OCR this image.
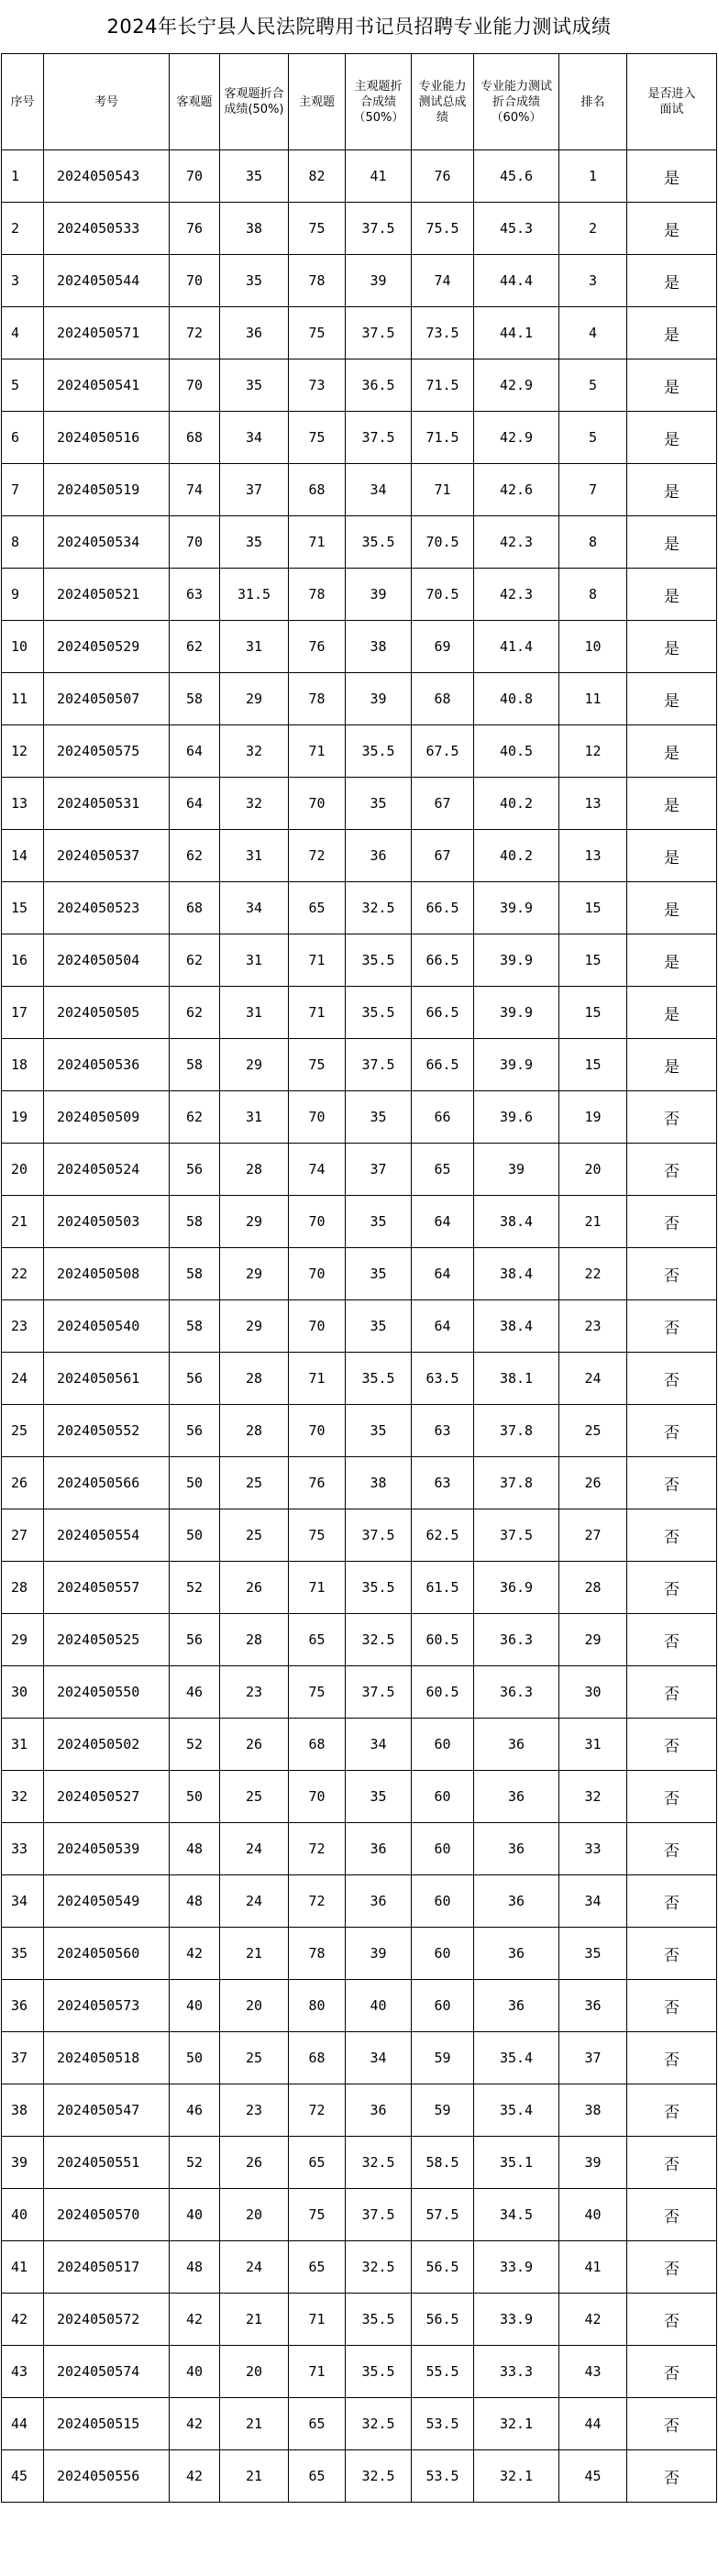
2024年长宁县人民法院聘用书记员招聘专业能力测试成绩
序号	考号	客观题	客观题折合成绩(50%)	主观题	主观题折合成绩（50%）	专业能力测试总成绩	专业能力测试折合成绩（60%）	排名	是否进入面试
1	2024050543	70	35	82	41	76	45.6	1	是
2	2024050533	76	38	75	37.5	75.5	45.3	2	是
3	2024050544	70	35	78	39	74	44.4	3	是
4	2024050571	72	36	75	37.5	73.5	44.1	4	是
5	2024050541	70	35	73	36.5	71.5	42.9	5	是
6	2024050516	68	34	75	37.5	71.5	42.9	5	是
7	2024050519	74	37	68	34	71	42.6	7	是
8	2024050534	70	35	71	35.5	70.5	42.3	8	是
9	2024050521	63	31.5	78	39	70.5	42.3	8	是
10	2024050529	62	31	76	38	69	41.4	10	是
11	2024050507	58	29	78	39	68	40.8	11	是
12	2024050575	64	32	71	35.5	67.5	40.5	12	是
13	2024050531	64	32	70	35	67	40.2	13	是
14	2024050537	62	31	72	36	67	40.2	13	是
15	2024050523	68	34	65	32.5	66.5	39.9	15	是
16	2024050504	62	31	71	35.5	66.5	39.9	15	是
17	2024050505	62	31	71	35.5	66.5	39.9	15	是
18	2024050536	58	29	75	37.5	66.5	39.9	15	是
19	2024050509	62	31	70	35	66	39.6	19	否
20	2024050524	56	28	74	37	65	39	20	否
21	2024050503	58	29	70	35	64	38.4	21	否
22	2024050508	58	29	70	35	64	38.4	22	否
23	2024050540	58	29	70	35	64	38.4	23	否
24	2024050561	56	28	71	35.5	63.5	38.1	24	否
25	2024050552	56	28	70	35	63	37.8	25	否
26	2024050566	50	25	76	38	63	37.8	26	否
27	2024050554	50	25	75	37.5	62.5	37.5	27	否
28	2024050557	52	26	71	35.5	61.5	36.9	28	否
29	2024050525	56	28	65	32.5	60.5	36.3	29	否
30	2024050550	46	23	75	37.5	60.5	36.3	30	否
31	2024050502	52	26	68	34	60	36	31	否
32	2024050527	50	25	70	35	60	36	32	否
33	2024050539	48	24	72	36	60	36	33	否
34	2024050549	48	24	72	36	60	36	34	否
35	2024050560	42	21	78	39	60	36	35	否
36	2024050573	40	20	80	40	60	36	36	否
37	2024050518	50	25	68	34	59	35.4	37	否
38	2024050547	46	23	72	36	59	35.4	38	否
39	2024050551	52	26	65	32.5	58.5	35.1	39	否
40	2024050570	40	20	75	37.5	57.5	34.5	40	否
41	2024050517	48	24	65	32.5	56.5	33.9	41	否
42	2024050572	42	21	71	35.5	56.5	33.9	42	否
43	2024050574	40	20	71	35.5	55.5	33.3	43	否
44	2024050515	42	21	65	32.5	53.5	32.1	44	否
45	2024050556	42	21	65	32.5	53.5	32.1	45	否
